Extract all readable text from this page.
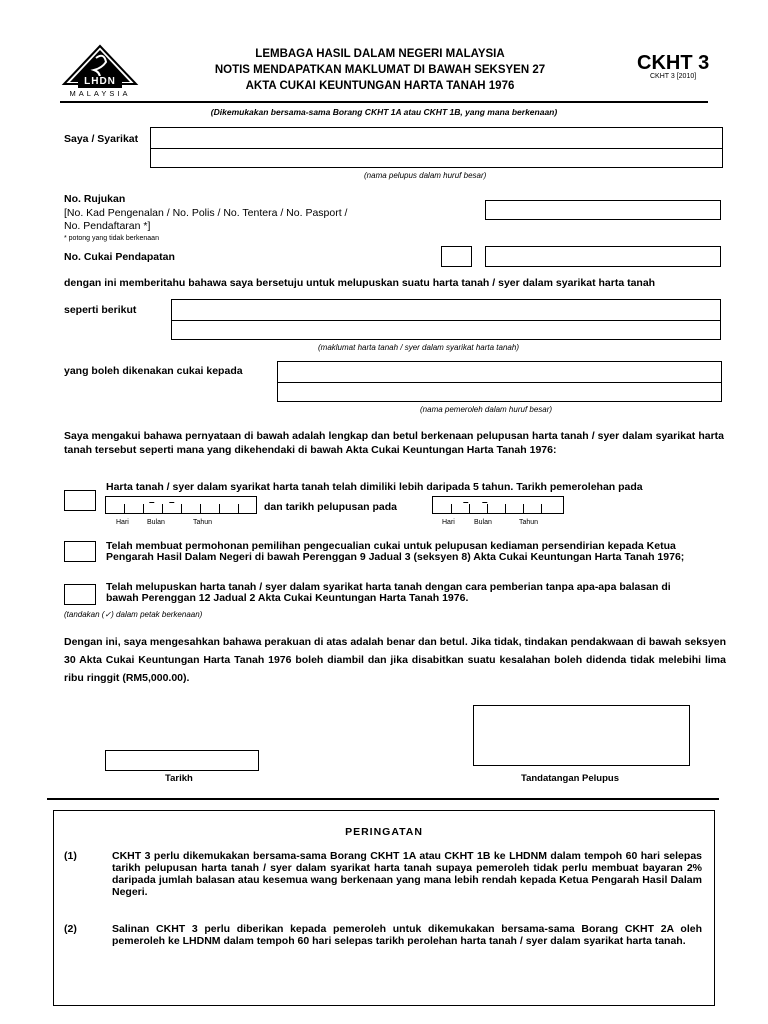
LHDN
MALAYSIA
LEMBAGA HASIL DALAM NEGERI MALAYSIA
NOTIS MENDAPATKAN MAKLUMAT DI BAWAH SEKSYEN 27
AKTA CUKAI KEUNTUNGAN HARTA TANAH 1976
CKHT 3
CKHT 3 [2010]
(Dikemukakan bersama-sama Borang CKHT 1A atau CKHT 1B, yang mana berkenaan)
Saya / Syarikat
(nama pelupus dalam huruf besar)
No. Rujukan
[No. Kad Pengenalan / No. Polis / No. Tentera / No. Pasport /
No. Pendaftaran *]
* potong yang tidak berkenaan
No. Cukai Pendapatan
dengan ini memberitahu bahawa saya bersetuju untuk melupuskan suatu harta tanah / syer dalam syarikat harta tanah
seperti berikut
(maklumat harta tanah / syer dalam syarikat harta tanah)
yang boleh dikenakan cukai kepada
(nama pemeroleh dalam huruf besar)
Saya mengakui bahawa pernyataan di bawah adalah lengkap dan betul berkenaan pelupusan harta tanah / syer dalam syarikat harta tanah tersebut seperti mana yang dikehendaki di bawah Akta Cukai Keuntungan Harta Tanah 1976:
Harta tanah / syer dalam syarikat harta tanah telah dimiliki lebih daripada 5 tahun. Tarikh pemerolehan pada
– –
Hari	Bulan	Tahun
dan tarikh pelupusan pada	– –
Hari	Bulan	Tahun
Telah membuat permohonan pemilihan pengecualian cukai untuk pelupusan kediaman persendirian kepada Ketua Pengarah Hasil Dalam Negeri di bawah Perenggan 9 Jadual 3 (seksyen 8) Akta Cukai Keuntungan Harta Tanah 1976;
Telah melupuskan harta tanah / syer dalam syarikat harta tanah dengan cara pemberian tanpa apa-apa balasan di bawah Perenggan 12 Jadual 2 Akta Cukai Keuntungan Harta Tanah 1976.
(tandakan (✓) dalam petak berkenaan)
Dengan ini, saya mengesahkan bahawa perakuan di atas adalah benar dan betul. Jika tidak, tindakan pendakwaan di bawah seksyen 30 Akta Cukai Keuntungan Harta Tanah 1976 boleh diambil dan jika disabitkan suatu kesalahan boleh didenda tidak melebihi lima ribu ringgit (RM5,000.00).
Tarikh	Tandatangan Pelupus
PERINGATAN
(1)	CKHT 3 perlu dikemukakan bersama-sama Borang CKHT 1A atau CKHT 1B ke LHDNM dalam tempoh 60 hari selepas tarikh pelupusan harta tanah / syer dalam syarikat harta tanah supaya pemeroleh tidak perlu membuat bayaran 2% daripada jumlah balasan atau kesemua wang berkenaan yang mana lebih rendah kepada Ketua Pengarah Hasil Dalam Negeri.
(2)	Salinan CKHT 3 perlu diberikan kepada pemeroleh untuk dikemukakan bersama-sama Borang CKHT 2A oleh pemeroleh ke LHDNM dalam tempoh 60 hari selepas tarikh perolehan harta tanah / syer dalam syarikat harta tanah.
